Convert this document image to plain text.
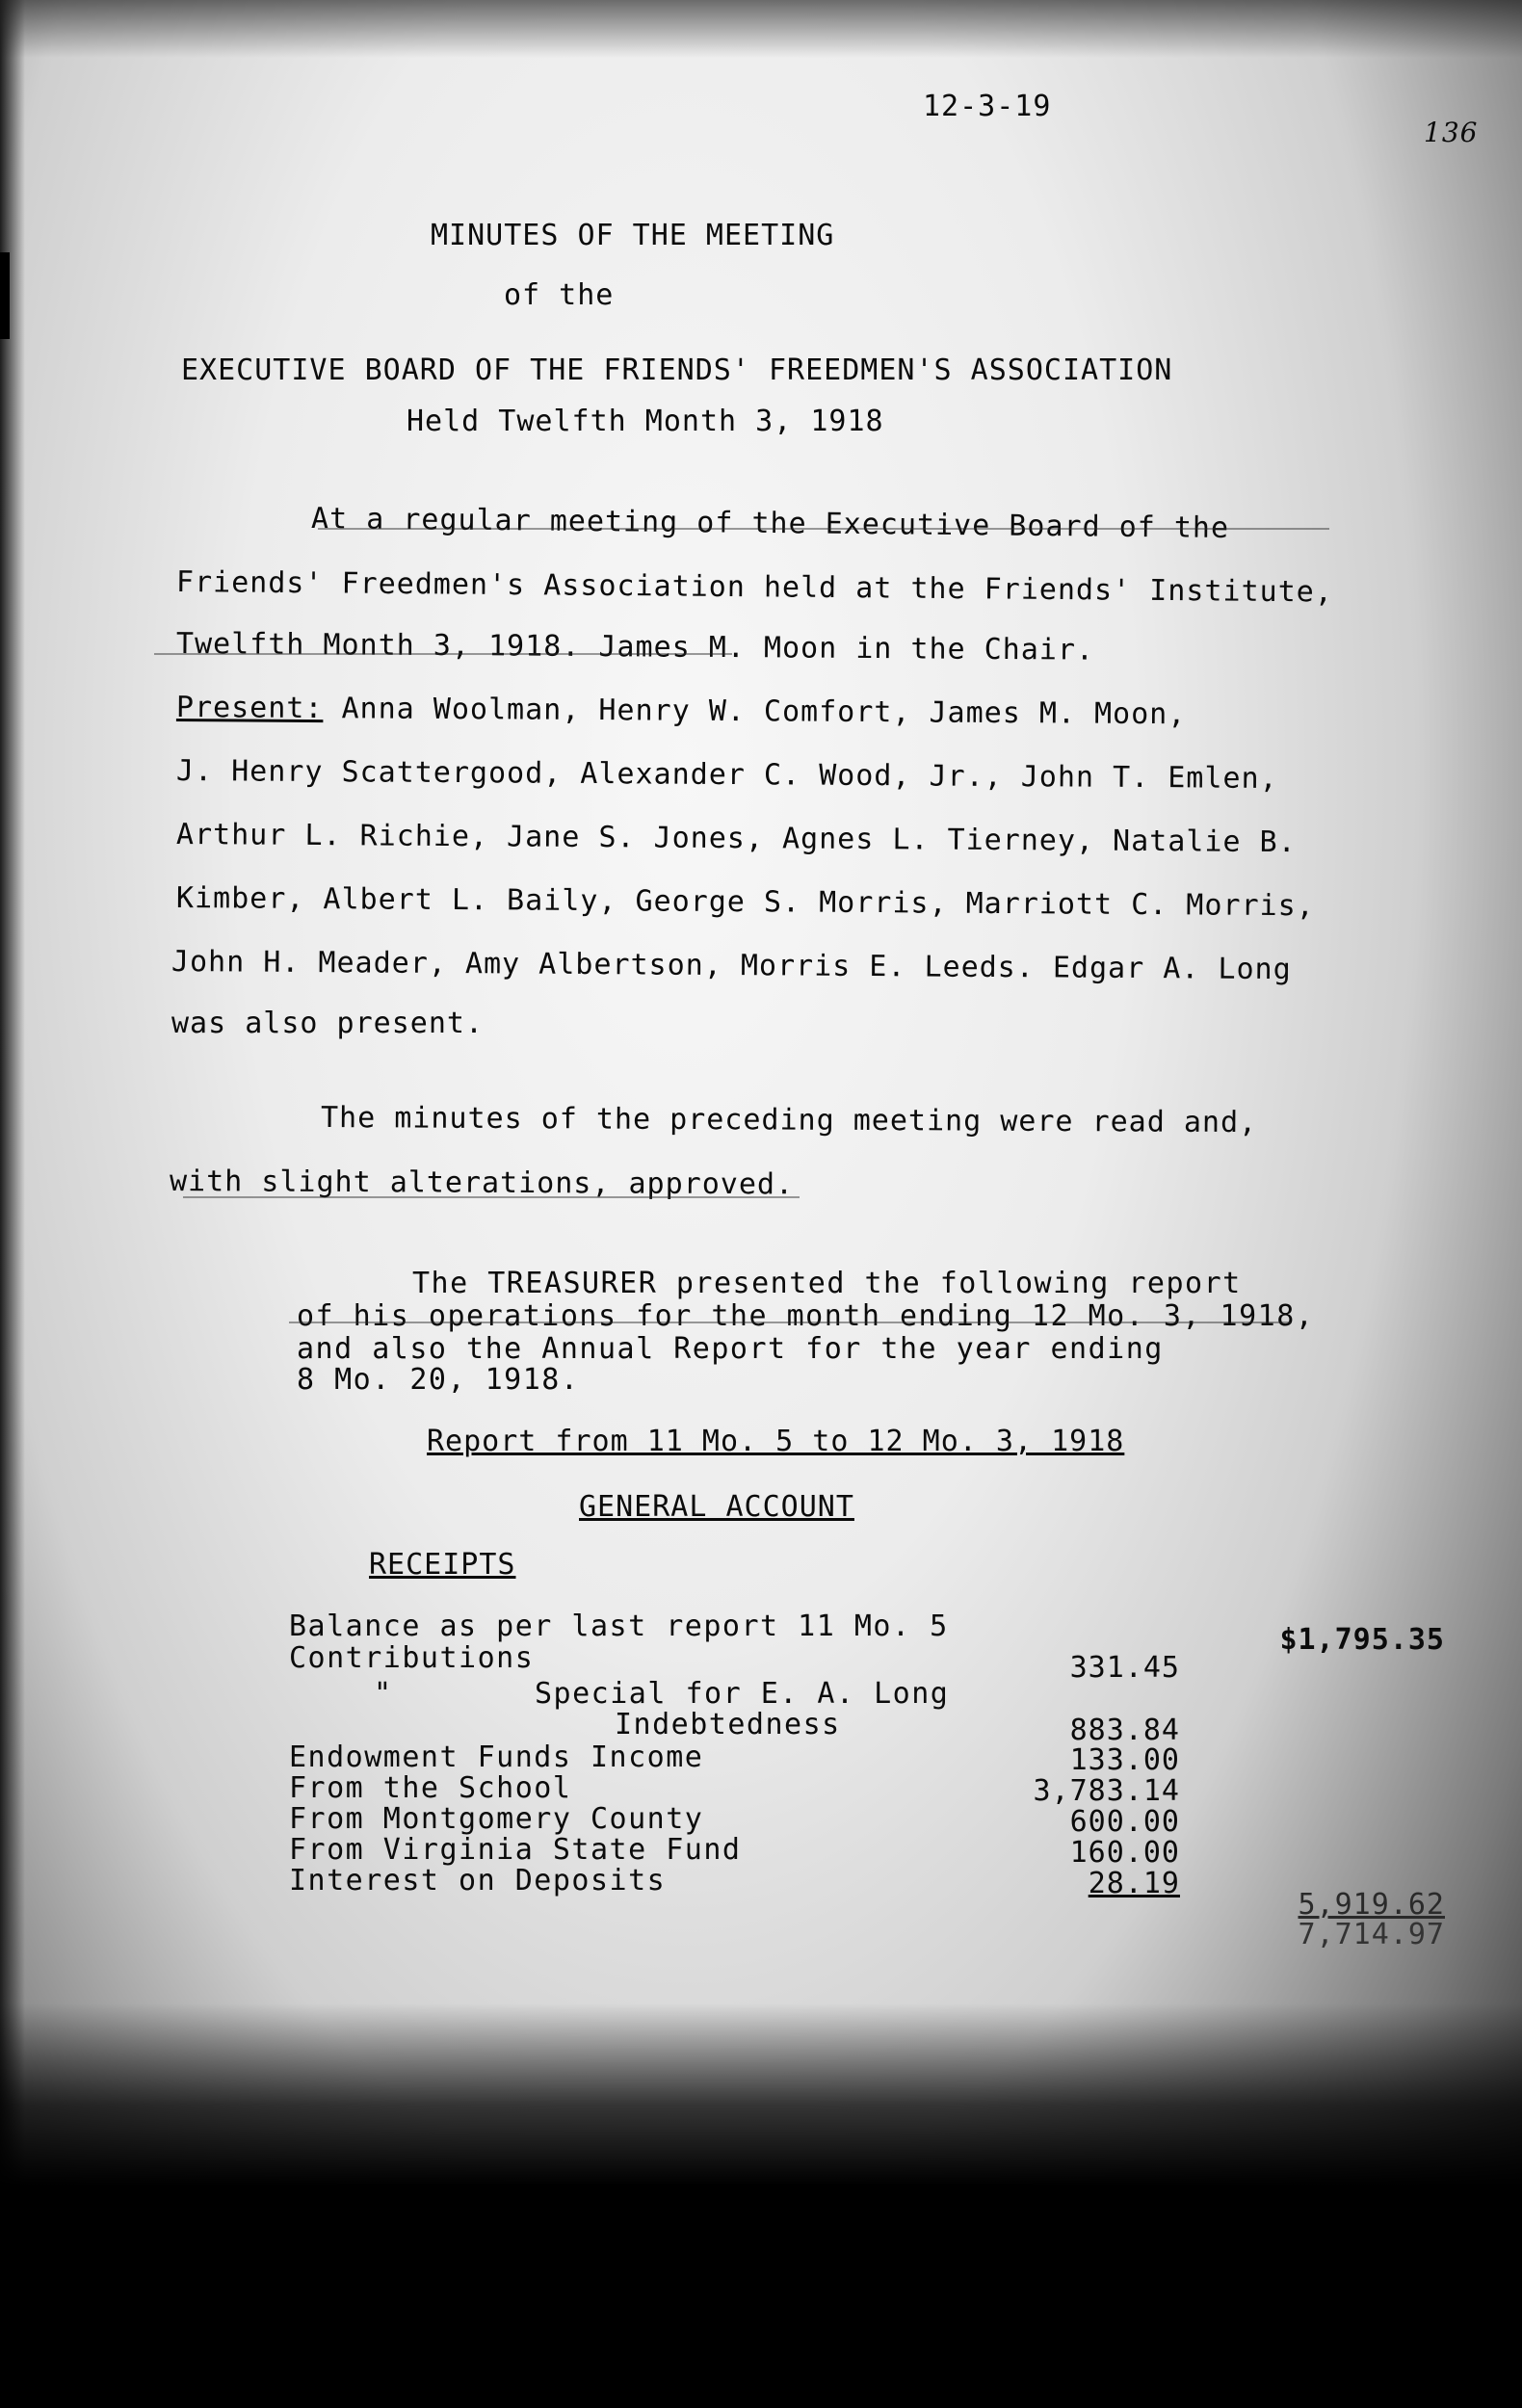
12-3-19
136
MINUTES OF THE MEETING
of the
EXECUTIVE BOARD OF THE FRIENDS' FREEDMEN'S ASSOCIATION
Held Twelfth Month 3, 1918
At a regular meeting of the Executive Board of the
Friends' Freedmen's Association held at the Friends' Institute,
Twelfth Month 3, 1918. James M. Moon in the Chair.
Present: Anna Woolman, Henry W. Comfort, James M. Moon,
J. Henry Scattergood, Alexander C. Wood, Jr., John T. Emlen,
Arthur L. Richie, Jane S. Jones, Agnes L. Tierney, Natalie B.
Kimber, Albert L. Baily, George S. Morris, Marriott C. Morris,
John H. Meader, Amy Albertson, Morris E. Leeds. Edgar A. Long
was also present.
The minutes of the preceding meeting were read and,
with slight alterations, approved.
The TREASURER presented the following report
of his operations for the month ending 12 Mo. 3, 1918,
and also the Annual Report for the year ending
8 Mo. 20, 1918.
Report from 11 Mo. 5 to 12 Mo. 3, 1918
GENERAL ACCOUNT
RECEIPTS
Balance as per last report 11 Mo. 5	$1,795.35
Contributions	331.45
"	Special for E. A. Long
Indebtedness	883.84
Endowment Funds Income	133.00
From the School	3,783.14
From Montgomery County	600.00
From Virginia State Fund	160.00
Interest on Deposits	28.19
5,919.62
7,714.97
